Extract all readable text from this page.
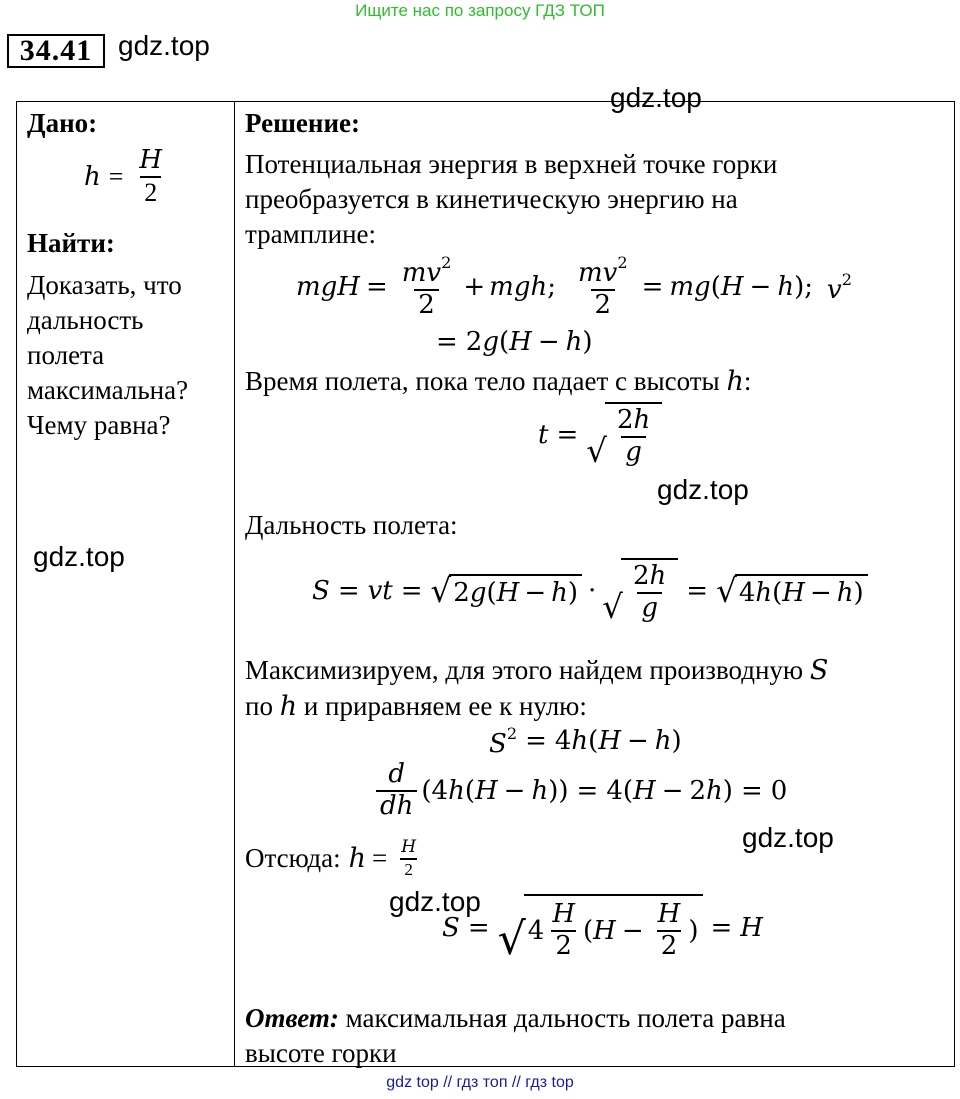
Ищите нас по запросу ГДЗ ТОП
34.41 gdz.top
Дано:
$h = \frac{H}{2}$
Найти:
Доказать, что
дальность
полета
максимальна?
Чему равна?
Решение:
Потенциальная энергия в верхней точке горки
преобразуется в кинетическую энергию на
трамплине:
mgH = $\frac{mv^2}{2}$ + mgh ; $\frac{mv^2}{2}$ = mg ( H − h ); $v^2$
= 2 g ( H − h )
Время полета, пока тело падает с высоты h:
t = √ $\frac{2h}{g}$
Дальность полета:
S = vt = √ 2 g ( H − h ) · √ $\frac{2h}{g}$ = √ 4 h ( H − h )
Максимизируем, для этого найдем производную S
по h и приравняем ее к нулю:
$S^2 = 4$ h ( H − h )
$\frac{d}{dh} (4$ h ( H − h )) = 4( H − 2 h ) = 0
Отсюда: $h = \frac{H}{2}$
S = √ $4 \frac{H}{2}$ ( $H - \frac{H}{2}$ ) = H
Ответ: максимальная дальность полета равна
высоте горки
gdz.top
gdz.top
gdz.top
gdz.top
gdz.top
gdz top // гдз топ // гдз top
